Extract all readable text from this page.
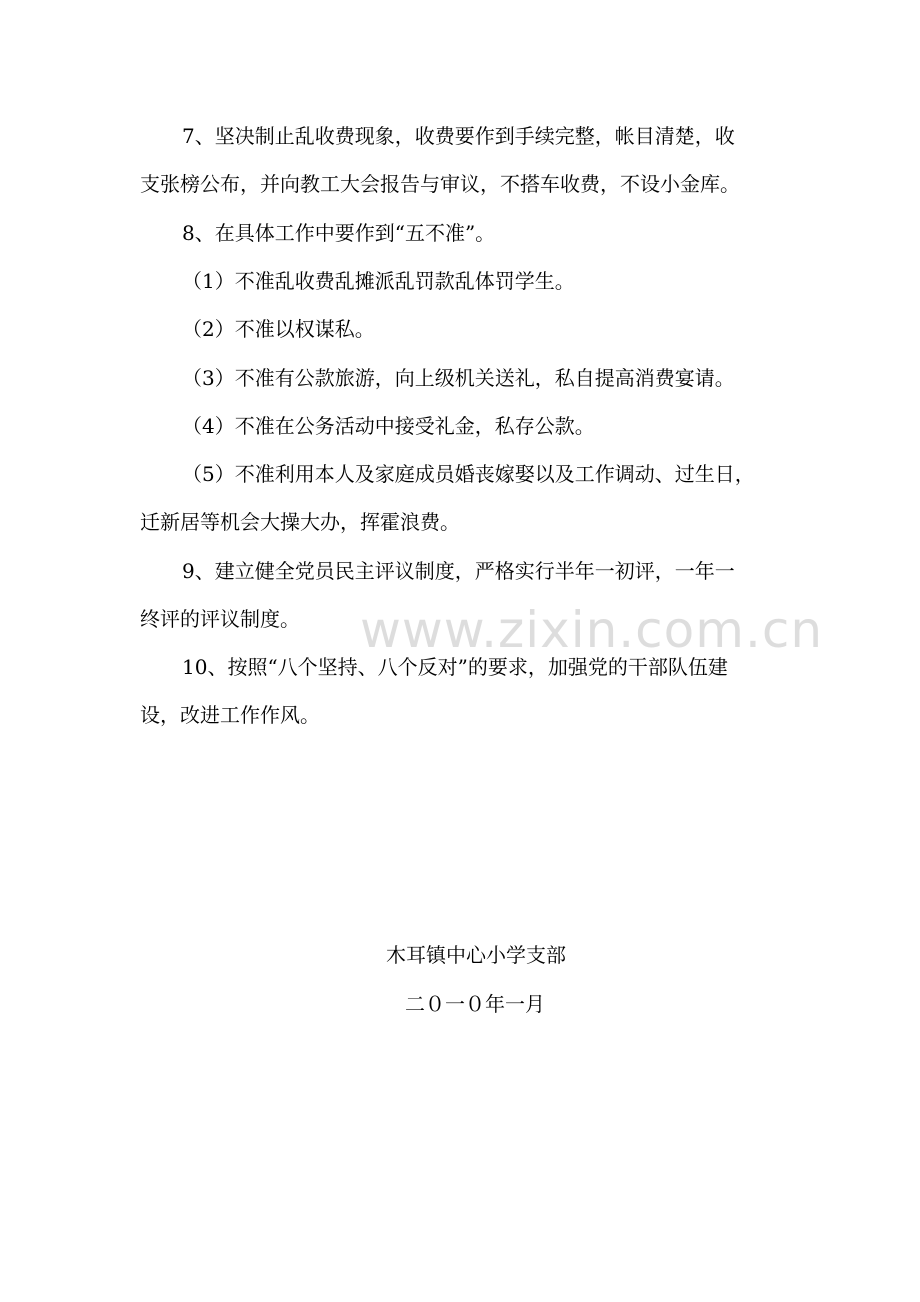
7、坚决制止乱收费现象，收费要作到手续完整，帐目清楚，收
支张榜公布，并向教工大会报告与审议，不搭车收费，不设小金库。
8、在具体工作中要作到“五不准”。
（1）不准乱收费乱摊派乱罚款乱体罚学生。
（2）不准以权谋私。
（3）不准有公款旅游，向上级机关送礼，私自提高消费宴请。
（4）不准在公务活动中接受礼金，私存公款。
（5）不准利用本人及家庭成员婚丧嫁娶以及工作调动、过生日，
迁新居等机会大操大办，挥霍浪费。
9、建立健全党员民主评议制度，严格实行半年一初评，一年一
终评的评议制度。
10、按照“八个坚持、八个反对”的要求，加强党的干部队伍建
设，改进工作作风。
木耳镇中心小学支部
二０一０年一月
www.zixin.com.cn
